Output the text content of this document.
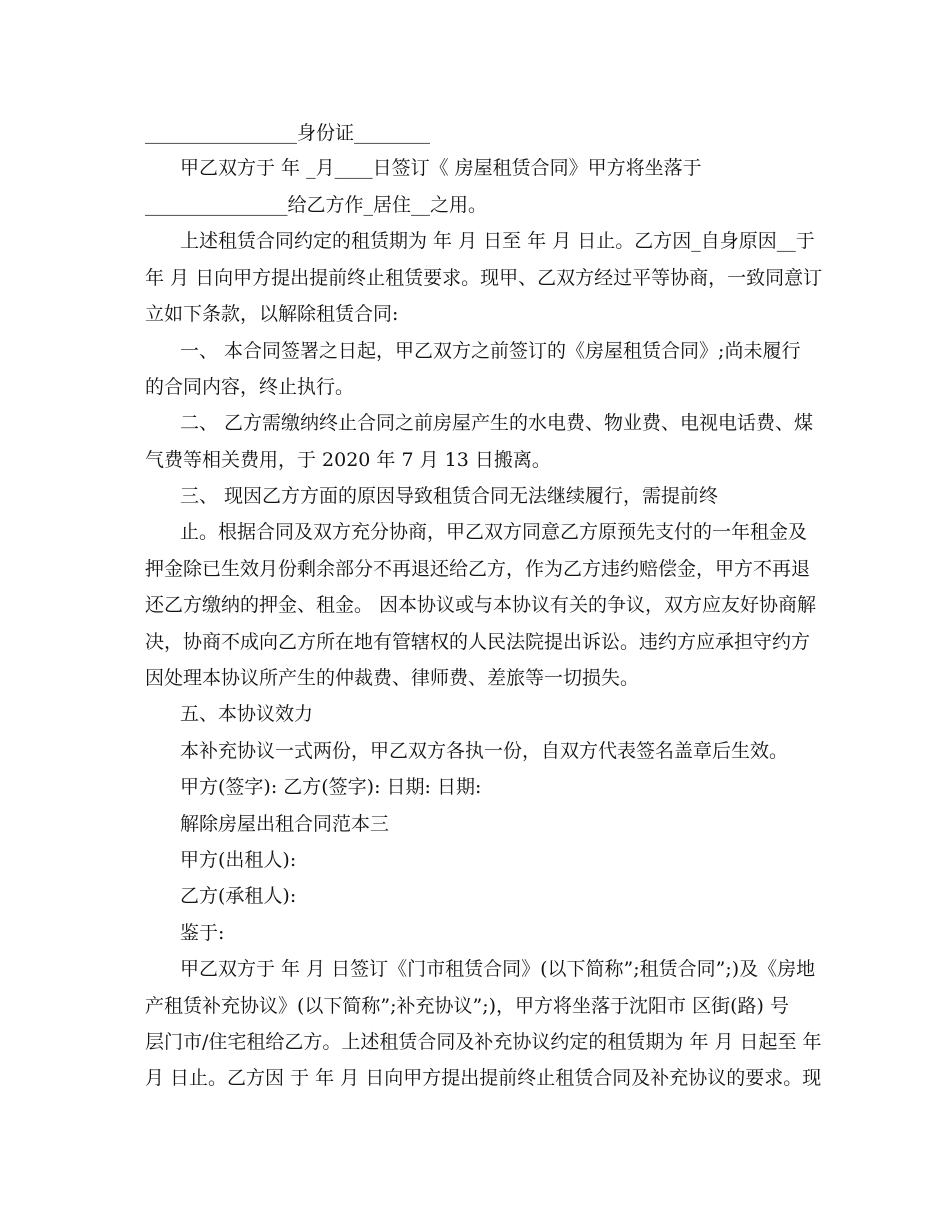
________________身份证________
甲乙双方于 年 _月____日签订《 房屋租赁合同》甲方将坐落于
_______________给乙方作_居住__之用。
上述租赁合同约定的租赁期为 年 月 日至 年 月 日止。乙方因_自身原因__于
年 月 日向甲方提出提前终止租赁要求。现甲、乙双方经过平等协商，一致同意订
立如下条款，以解除租赁合同:
一、 本合同签署之日起，甲乙双方之前签订的《房屋租赁合同》;尚未履行
的合同内容，终止执行。
二、 乙方需缴纳终止合同之前房屋产生的水电费、物业费、电视电话费、煤
气费等相关费用，于 2020 年 7 月 13 日搬离。
三、 现因乙方方面的原因导致租赁合同无法继续履行，需提前终
止。根据合同及双方充分协商，甲乙双方同意乙方原预先支付的一年租金及
押金除已生效月份剩余部分不再退还给乙方，作为乙方违约赔偿金，甲方不再退
还乙方缴纳的押金、租金。 因本协议或与本协议有关的争议，双方应友好协商解
决，协商不成向乙方所在地有管辖权的人民法院提出诉讼。违约方应承担守约方
因处理本协议所产生的仲裁费、律师费、差旅等一切损失。
五、本协议效力
本补充协议一式两份，甲乙双方各执一份，自双方代表签名盖章后生效。
甲方(签字): 乙方(签字): 日期: 日期:
解除房屋出租合同范本三
甲方(出租人):
乙方(承租人):
鉴于:
甲乙双方于 年 月 日签订《门市租赁合同》(以下简称”;租赁合同”;)及《房地
产租赁补充协议》(以下简称”;补充协议”;)，甲方将坐落于沈阳市 区街(路) 号
层门市/住宅租给乙方。上述租赁合同及补充协议约定的租赁期为 年 月 日起至 年
月 日止。乙方因 于 年 月 日向甲方提出提前终止租赁合同及补充协议的要求。现
